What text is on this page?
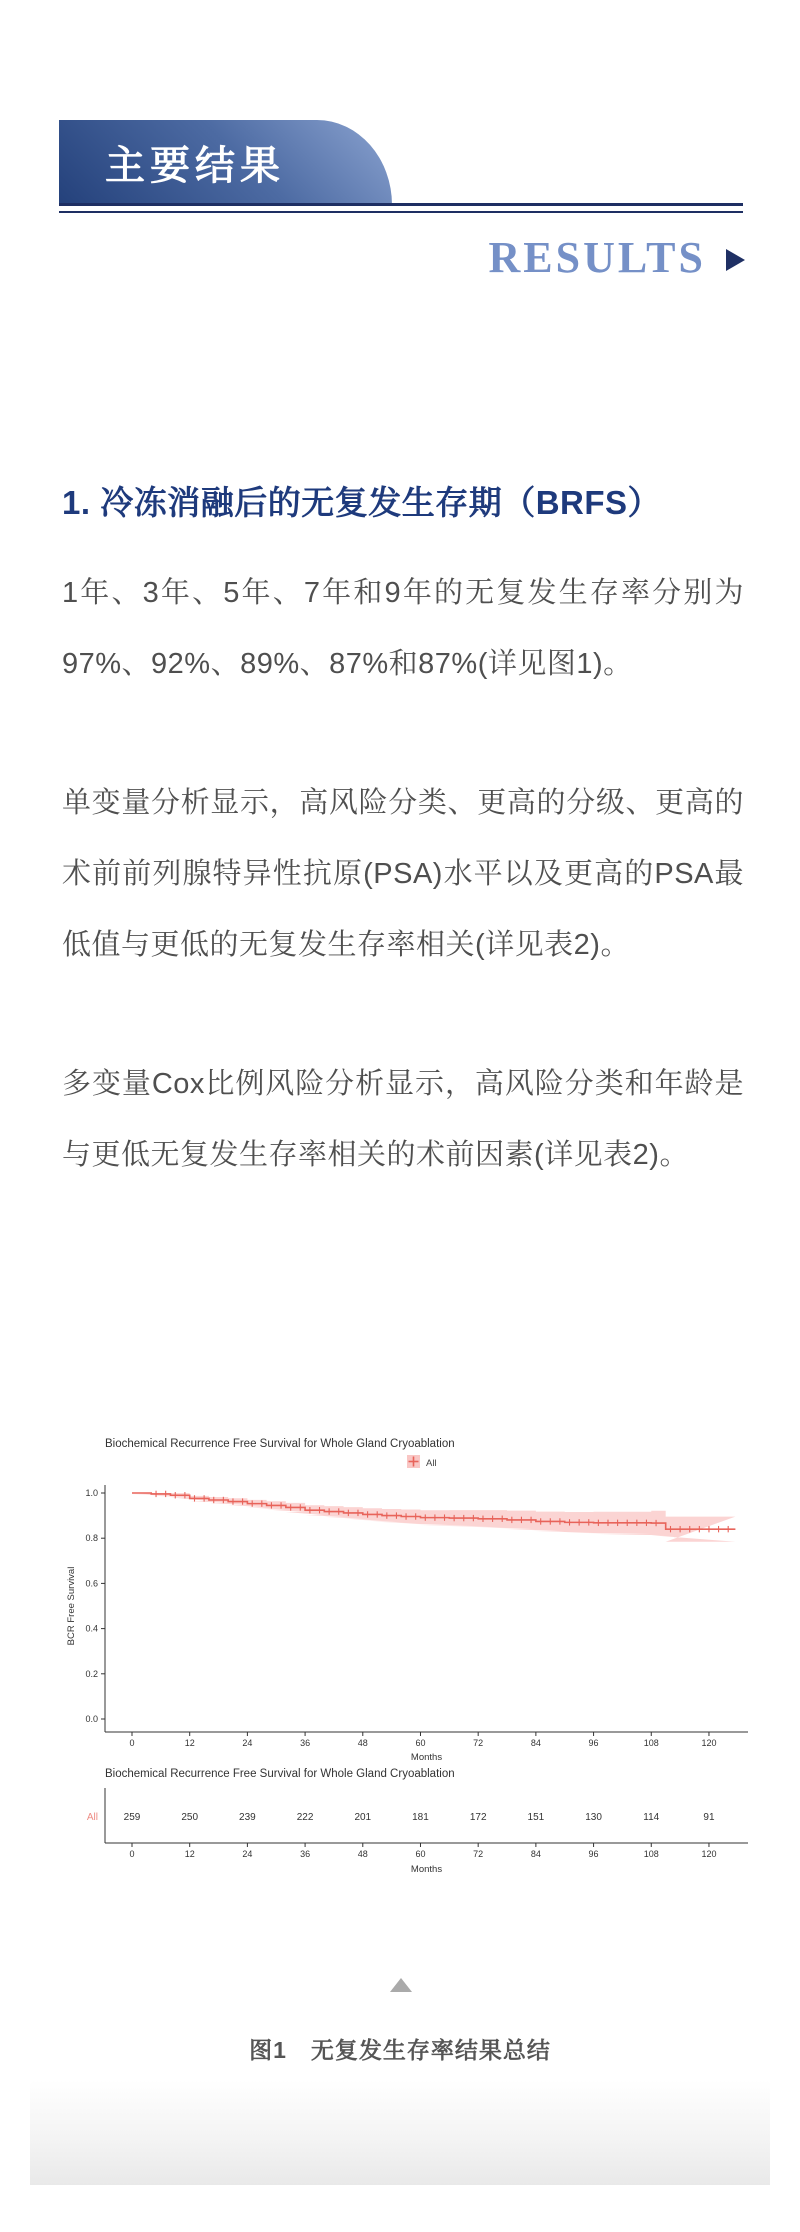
主要结果
RESULTS
1. 冷冻消融后的无复发生存期（BRFS）

1年、3年、5年、7年和9年的无复发生存率分别为97%、92%、89%、87%和87%(详见图1)。

单变量分析显示，高风险分类、更高的分级、更高的术前前列腺特异性抗原(PSA)水平以及更高的PSA最低值与更低的无复发生存率相关(详见表2)。

多变量Cox比例风险分析显示，高风险分类和年龄是与更低无复发生存率相关的术前因素(详见表2)。

Biochemical Recurrence Free Survival for Whole Gland Cryoablation
All
0.0
0.2
0.4
0.6
0.8
1.0
BCR Free Survival
0	12	24	36	48	60	72	84	96	108	120
Months
Biochemical Recurrence Free Survival for Whole Gland Cryoablation
All	259	250	239	222	201	181	172	151	130	114	91
0	12	24	36	48	60	72	84	96	108	120
Months
图1　无复发生存率结果总结
